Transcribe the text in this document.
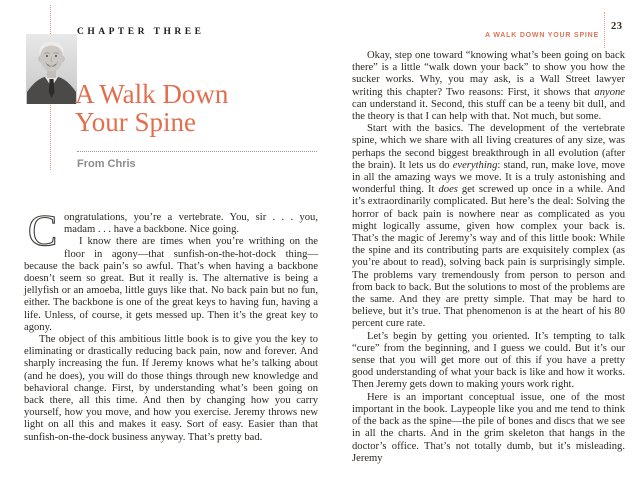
CHAPTER THREE
A Walk Down
Your Spine
From Chris
C ongratulations, you’re a vertebrate. You, sir . . . you, madam . . . have a backbone. Nice going.

I know there are times when you’re writhing on the floor in agony—that sunfish-on-the-hot-dock thing—because the back pain’s so awful. That’s when having a backbone doesn’t seem so great. But it really is. The alternative is being a jellyfish or an amoeba, little guys like that. No back pain but no fun, either. The backbone is one of the great keys to having fun, having a life. Unless, of course, it gets messed up. Then it’s the great key to agony.

The object of this ambitious little book is to give you the key to eliminating or drastically reducing back pain, now and forever. And sharply increasing the fun. If Jeremy knows what he’s talking about (and he does), you will do those things through new knowledge and behavioral change. First, by understanding what’s been going on back there, all this time. And then by changing how you carry yourself, how you move, and how you exercise. Jeremy throws new light on all this and makes it easy. Sort of easy. Easier than that sunfish-on-the-dock business anyway. That’s pretty bad.

A WALK DOWN YOUR SPINE
23

Okay, step one toward “knowing what’s been going on back there” is a little “walk down your back” to show you how the sucker works. Why, you may ask, is a Wall Street lawyer writing this chapter? Two reasons: First, it shows that anyone can understand it. Second, this stuff can be a teeny bit dull, and the theory is that I can help with that. Not much, but some.

Start with the basics. The development of the vertebrate spine, which we share with all living creatures of any size, was perhaps the second biggest breakthrough in all evolution (after the brain). It lets us do everything: stand, run, make love, move in all the amazing ways we move. It is a truly astonishing and wonderful thing. It does get screwed up once in a while. And it’s extraordinarily complicated. But here’s the deal: Solving the horror of back pain is nowhere near as complicated as you might logically assume, given how complex your back is. That’s the magic of Jeremy’s way and of this little book: While the spine and its contributing parts are exquisitely complex (as you’re about to read), solving back pain is surprisingly simple. The problems vary tremendously from person to person and from back to back. But the solutions to most of the problems are the same. And they are pretty simple. That may be hard to believe, but it’s true. That phenomenon is at the heart of his 80 percent cure rate.

Let’s begin by getting you oriented. It’s tempting to talk “cure” from the beginning, and I guess we could. But it’s our sense that you will get more out of this if you have a pretty good understanding of what your back is like and how it works. Then Jeremy gets down to making yours work right.

Here is an important conceptual issue, one of the most important in the book. Laypeople like you and me tend to think of the back as the spine—the pile of bones and discs that we see in all the charts. And in the grim skeleton that hangs in the doctor’s office. That’s not totally dumb, but it’s misleading. Jeremy
